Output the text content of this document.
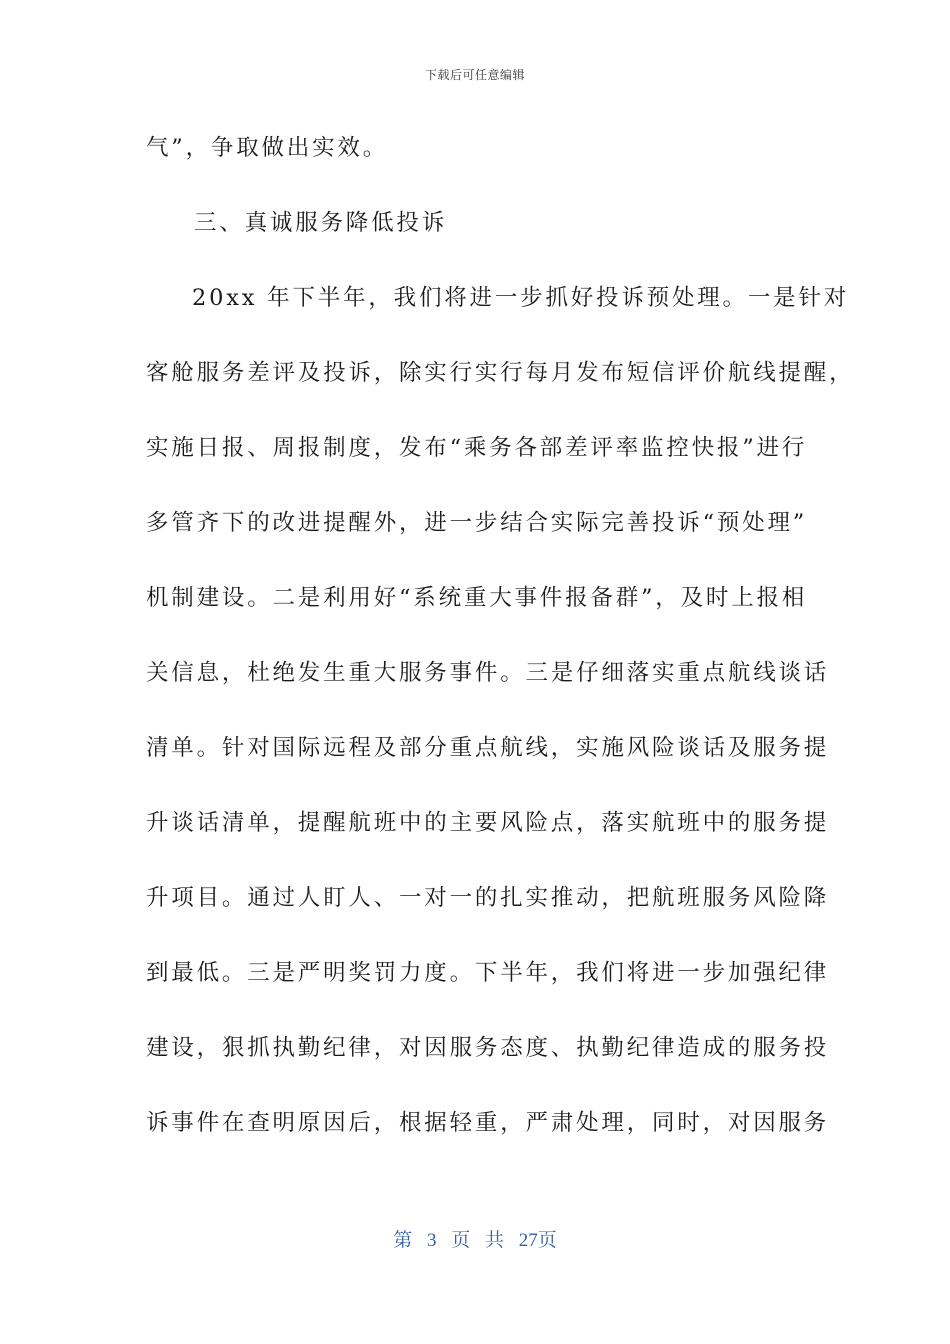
下载后可任意编辑
气”，争取做出实效。
三、真诚服务降低投诉
20xx 年下半年，我们将进一步抓好投诉预处理。一是针对
客舱服务差评及投诉，除实行实行每月发布短信评价航线提醒，
实施日报、周报制度，发布“乘务各部差评率监控快报”进行
多管齐下的改进提醒外，进一步结合实际完善投诉“预处理”
机制建设。二是利用好“系统重大事件报备群”，及时上报相
关信息，杜绝发生重大服务事件。三是仔细落实重点航线谈话
清单。针对国际远程及部分重点航线，实施风险谈话及服务提
升谈话清单，提醒航班中的主要风险点，落实航班中的服务提
升项目。通过人盯人、一对一的扎实推动，把航班服务风险降
到最低。三是严明奖罚力度。下半年，我们将进一步加强纪律
建设，狠抓执勤纪律，对因服务态度、执勤纪律造成的服务投
诉事件在查明原因后，根据轻重，严肃处理，同时，对因服务
第 3 页 共 27页
